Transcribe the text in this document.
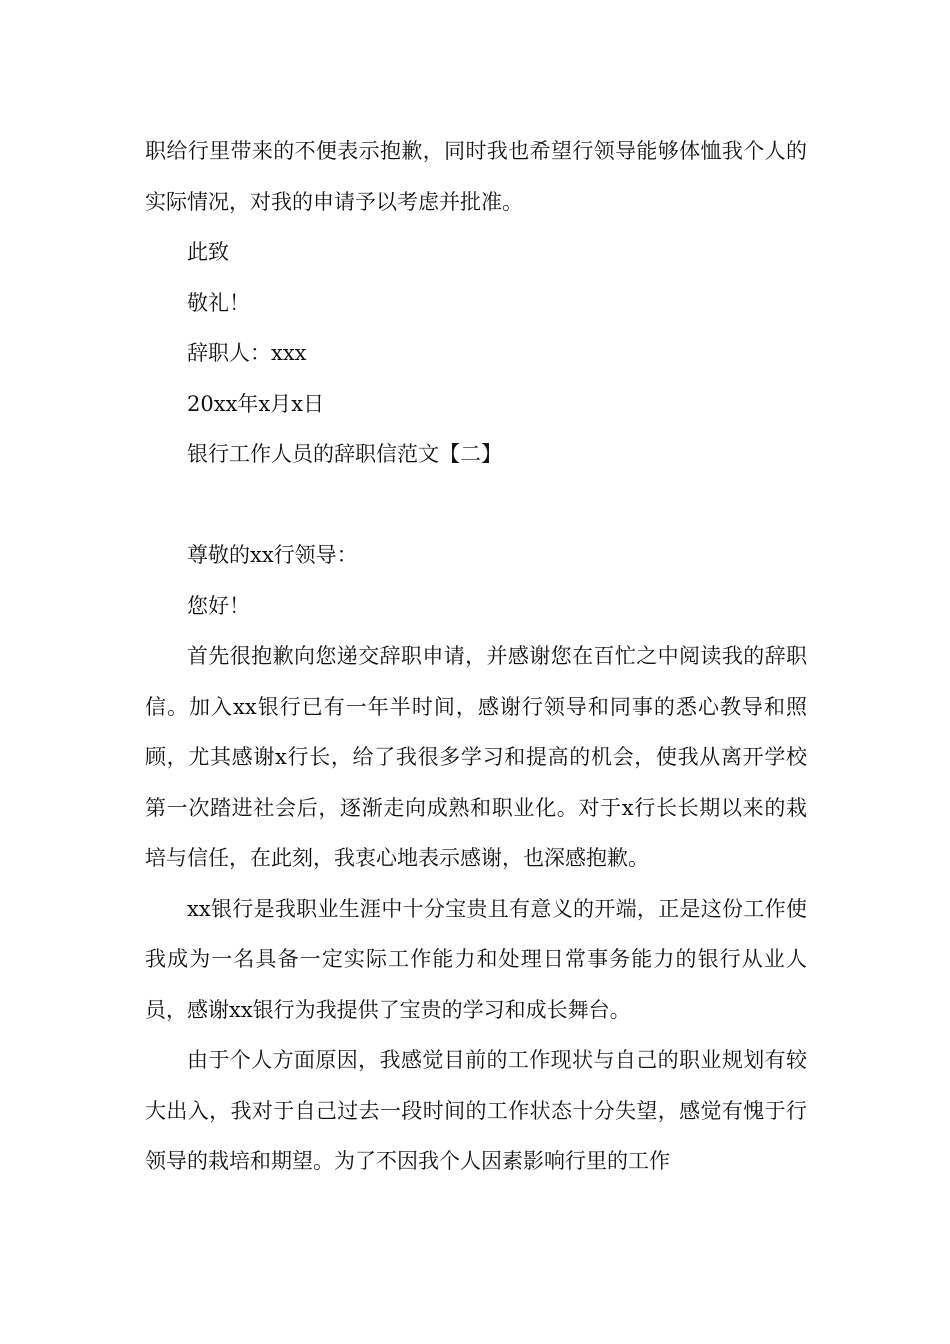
职给行里带来的不便表示抱歉，同时我也希望行领导能够体恤我个人的实际情况，对我的申请予以考虑并批准。

此致

敬礼！

辞职人：xxx

20xx年x月x日

银行工作人员的辞职信范文【二】

尊敬的xx行领导：

您好！

首先很抱歉向您递交辞职申请，并感谢您在百忙之中阅读我的辞职信。加入xx银行已有一年半时间，感谢行领导和同事的悉心教导和照顾，尤其感谢x行长，给了我很多学习和提高的机会，使我从离开学校第一次踏进社会后，逐渐走向成熟和职业化。对于x行长长期以来的栽培与信任，在此刻，我衷心地表示感谢，也深感抱歉。

xx银行是我职业生涯中十分宝贵且有意义的开端，正是这份工作使我成为一名具备一定实际工作能力和处理日常事务能力的银行从业人员，感谢xx银行为我提供了宝贵的学习和成长舞台。

由于个人方面原因，我感觉目前的工作现状与自己的职业规划有较大出入，我对于自己过去一段时间的工作状态十分失望，感觉有愧于行领导的栽培和期望。为了不因我个人因素影响行里的工作
